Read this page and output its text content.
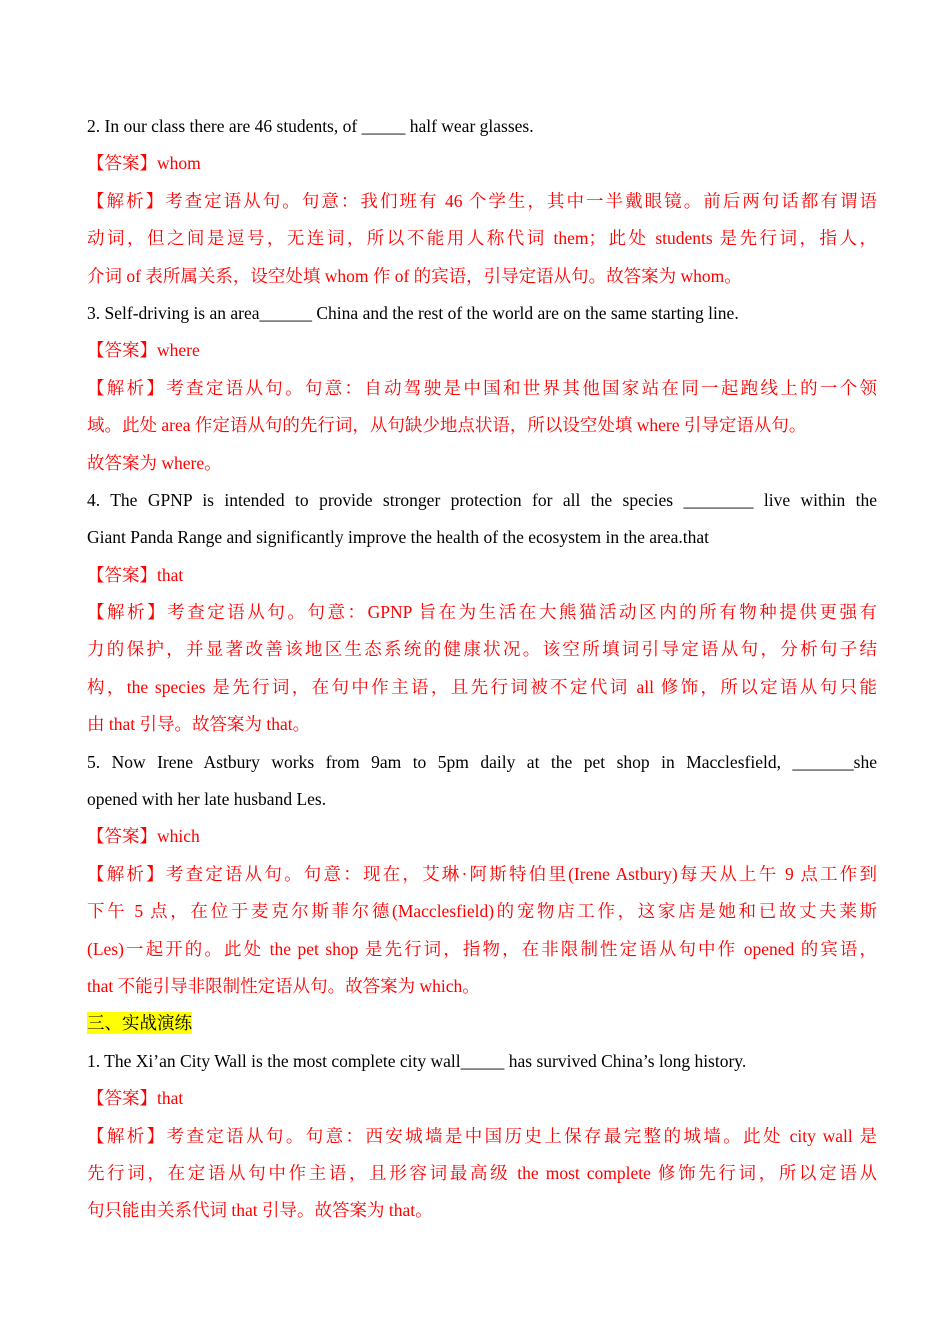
2. In our class there are 46 students, of _____ half wear glasses.
【答案】whom
【解析】考查定语从句。句意：我们班有 46 个学生，其中一半戴眼镜。前后两句话都有谓语
动词，但之间是逗号，无连词，所以不能用人称代词 them；此处 students 是先行词，指人，
介词 of 表所属关系，设空处填 whom 作 of 的宾语，引导定语从句。故答案为 whom。
3. Self-driving is an area______ China and the rest of the world are on the same starting line.
【答案】where
【解析】考查定语从句。句意：自动驾驶是中国和世界其他国家站在同一起跑线上的一个领
域。此处 area 作定语从句的先行词，从句缺少地点状语，所以设空处填 where 引导定语从句。
故答案为 where。
4. The GPNP is intended to provide stronger protection for all the species ________ live within the
Giant Panda Range and significantly improve the health of the ecosystem in the area.that
【答案】that
【解析】考查定语从句。句意：GPNP 旨在为生活在大熊猫活动区内的所有物种提供更强有
力的保护，并显著改善该地区生态系统的健康状况。该空所填词引导定语从句，分析句子结
构，the species 是先行词，在句中作主语，且先行词被不定代词 all 修饰，所以定语从句只能
由 that 引导。故答案为 that。
5. Now Irene Astbury works from 9am to 5pm daily at the pet shop in Macclesfield, _______she
opened with her late husband Les.
【答案】which
【解析】考查定语从句。句意：现在，艾琳·阿斯特伯里(Irene Astbury)每天从上午 9 点工作到
下午 5 点，在位于麦克尔斯菲尔德(Macclesfield)的宠物店工作，这家店是她和已故丈夫莱斯
(Les)一起开的。此处 the pet shop 是先行词，指物，在非限制性定语从句中作 opened 的宾语，
that 不能引导非限制性定语从句。故答案为 which。
三、实战演练
1. The Xi’an City Wall is the most complete city wall_____ has survived China’s long history.
【答案】that
【解析】考查定语从句。句意：西安城墙是中国历史上保存最完整的城墙。此处 city wall 是
先行词，在定语从句中作主语，且形容词最高级 the most complete 修饰先行词，所以定语从
句只能由关系代词 that 引导。故答案为 that。
